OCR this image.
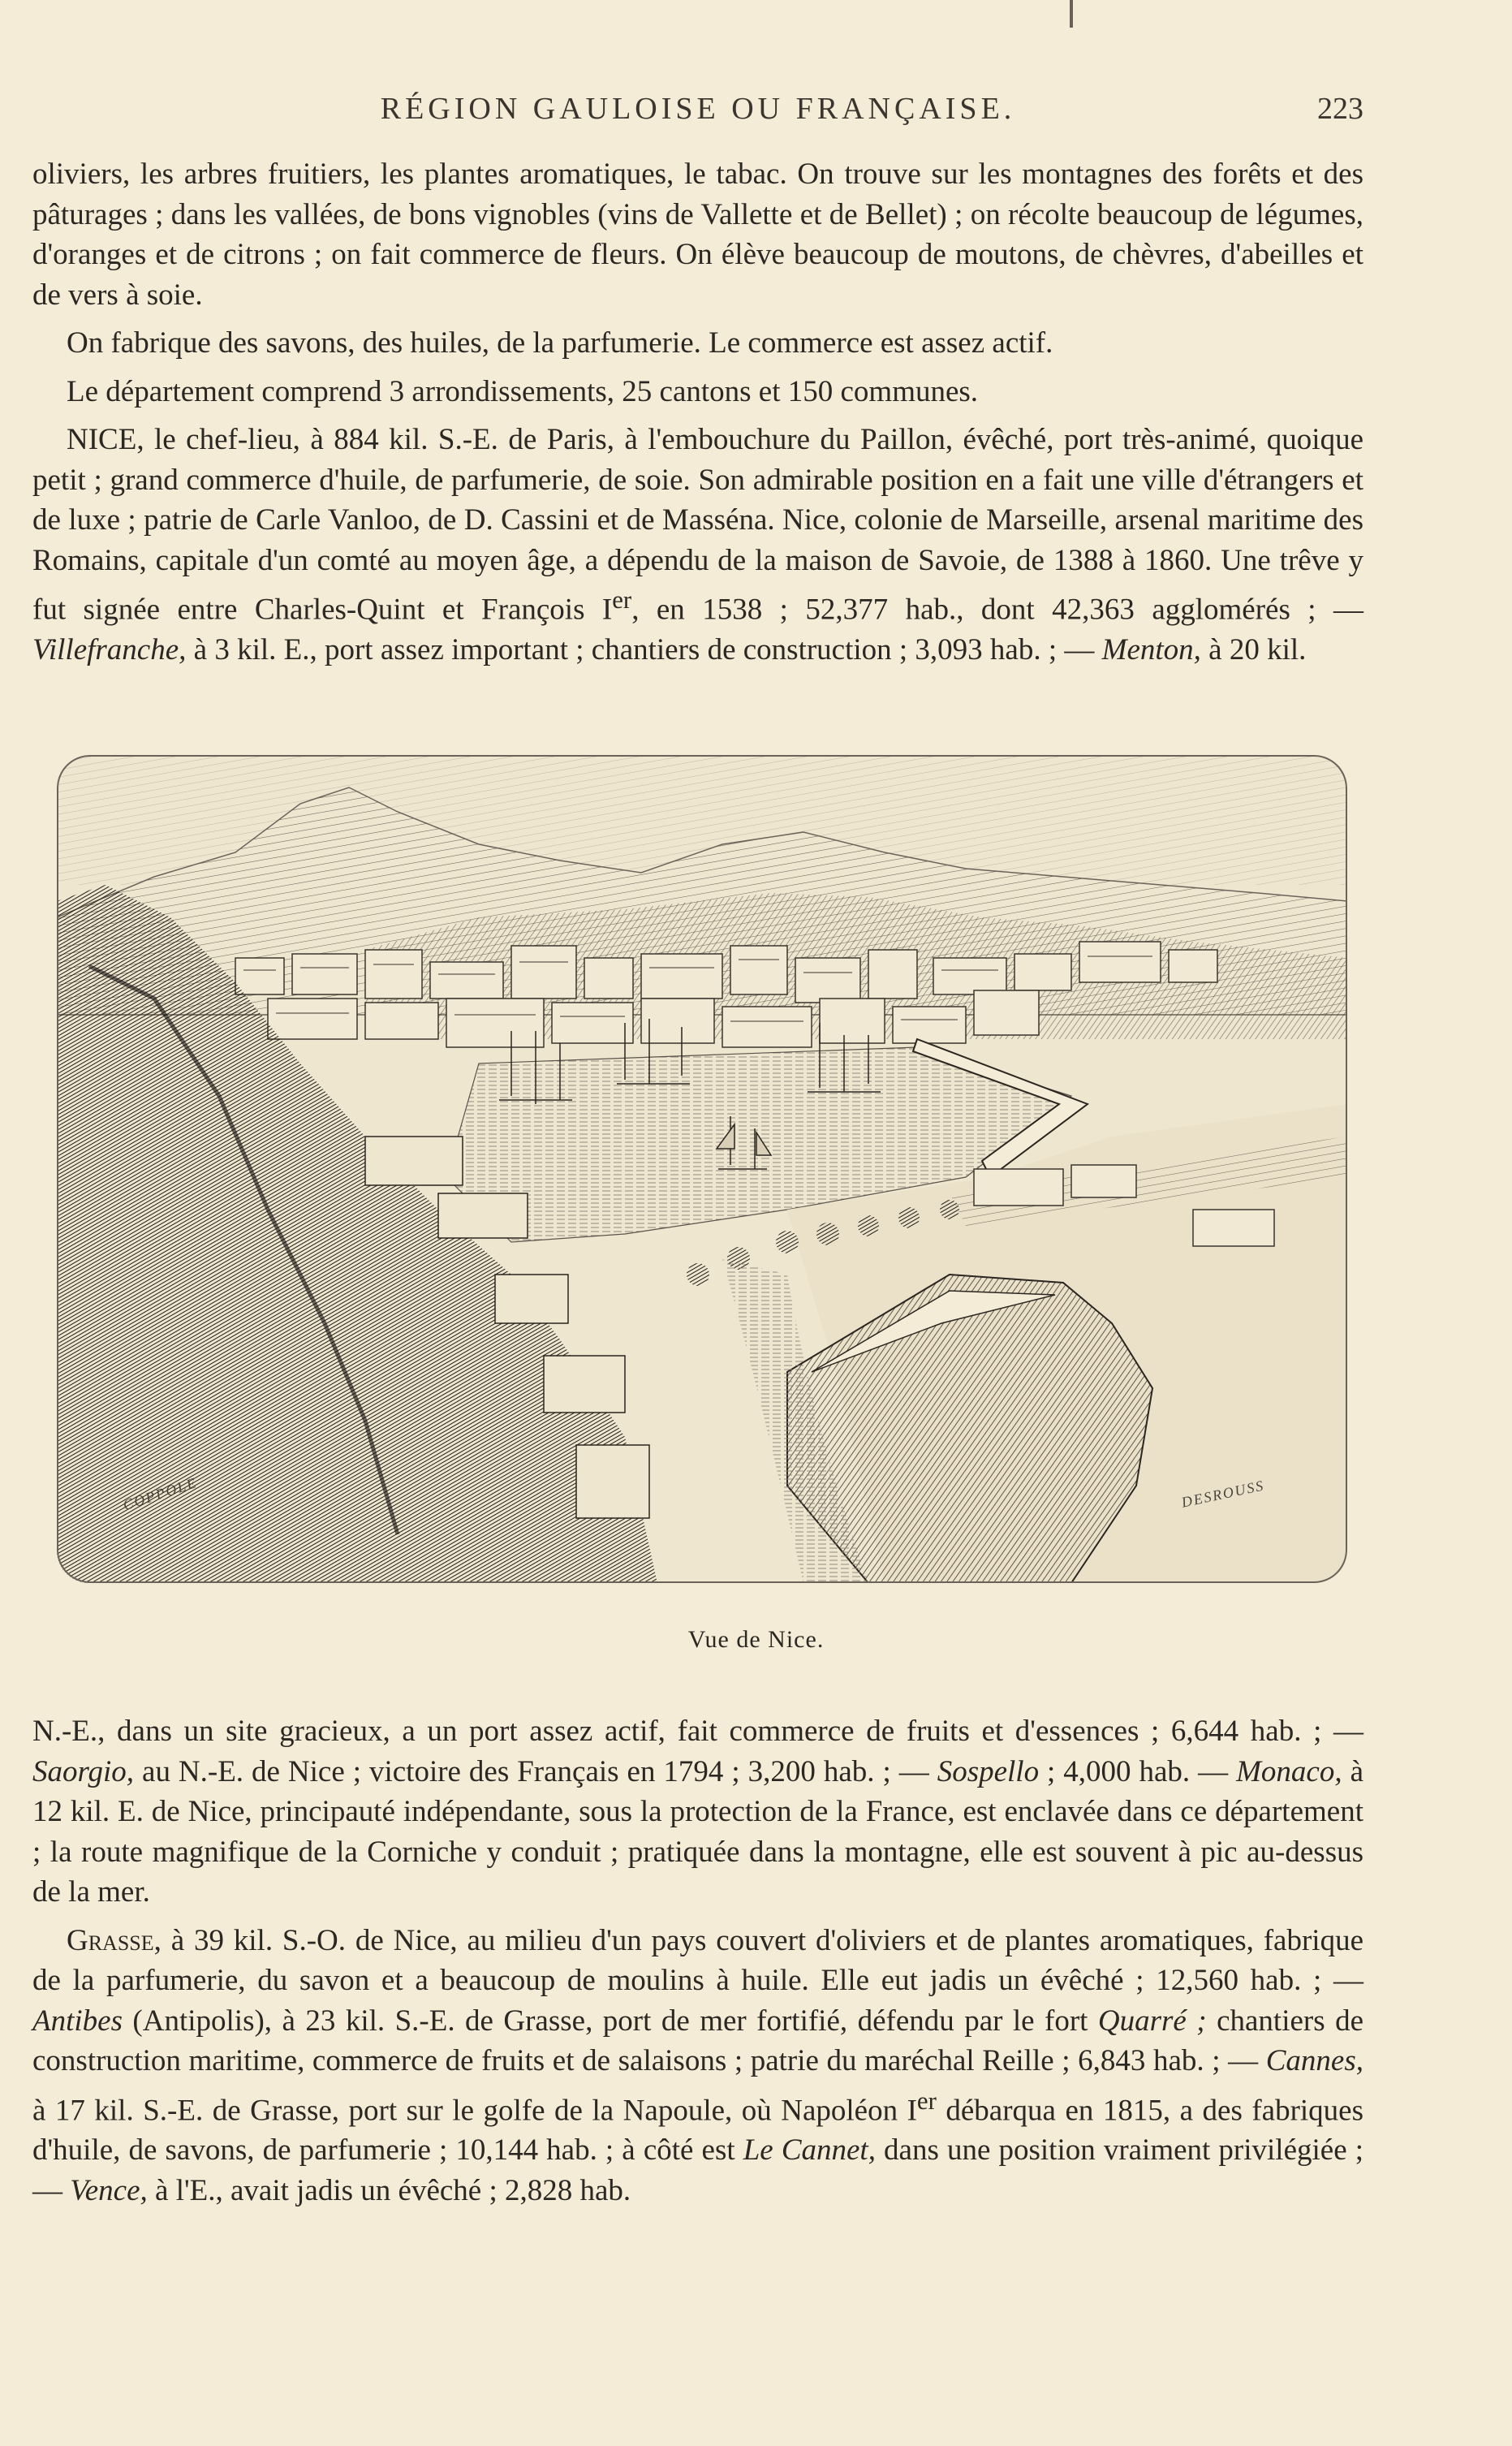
RÉGION GAULOISE OU FRANÇAISE.	223

oliviers, les arbres fruitiers, les plantes aromatiques, le tabac. On trouve sur les montagnes des forêts et des pâturages ; dans les vallées, de bons vignobles (vins de Vallette et de Bellet) ; on récolte beaucoup de légumes, d'oranges et de citrons ; on fait commerce de fleurs. On élève beaucoup de moutons, de chèvres, d'abeilles et de vers à soie.

On fabrique des savons, des huiles, de la parfumerie. Le commerce est assez actif.

Le département comprend 3 arrondissements, 25 cantons et 150 communes.

NICE, le chef-lieu, à 884 kil. S.-E. de Paris, à l'embouchure du Paillon, évêché, port très-animé, quoique petit ; grand commerce d'huile, de parfumerie, de soie. Son admirable position en a fait une ville d'étrangers et de luxe ; patrie de Carle Vanloo, de D. Cassini et de Masséna. Nice, colonie de Marseille, arsenal maritime des Romains, capitale d'un comté au moyen âge, a dépendu de la maison de Savoie, de 1388 à 1860. Une trêve y fut signée entre Charles-Quint et François Ier, en 1538 ; 52,377 hab., dont 42,363 agglomérés ; — Villefranche, à 3 kil. E., port assez important ; chantiers de construction ; 3,093 hab. ; — Menton, à 20 kil.

COPPOLE	DESROUSS
Vue de Nice.

N.-E., dans un site gracieux, a un port assez actif, fait commerce de fruits et d'essences ; 6,644 hab. ; — Saorgio, au N.-E. de Nice ; victoire des Français en 1794 ; 3,200 hab. ; — Sospello ; 4,000 hab. — Monaco, à 12 kil. E. de Nice, principauté indépendante, sous la protection de la France, est enclavée dans ce département ; la route magnifique de la Corniche y conduit ; pratiquée dans la montagne, elle est souvent à pic au-dessus de la mer.

Grasse, à 39 kil. S.-O. de Nice, au milieu d'un pays couvert d'oliviers et de plantes aromatiques, fabrique de la parfumerie, du savon et a beaucoup de moulins à huile. Elle eut jadis un évêché ; 12,560 hab. ; — Antibes (Antipolis), à 23 kil. S.-E. de Grasse, port de mer fortifié, défendu par le fort Quarré ; chantiers de construction maritime, commerce de fruits et de salaisons ; patrie du maréchal Reille ; 6,843 hab. ; — Cannes, à 17 kil. S.-E. de Grasse, port sur le golfe de la Napoule, où Napoléon Ier débarqua en 1815, a des fabriques d'huile, de savons, de parfumerie ; 10,144 hab. ; à côté est Le Cannet, dans une position vraiment privilégiée ; — Vence, à l'E., avait jadis un évêché ; 2,828 hab.
